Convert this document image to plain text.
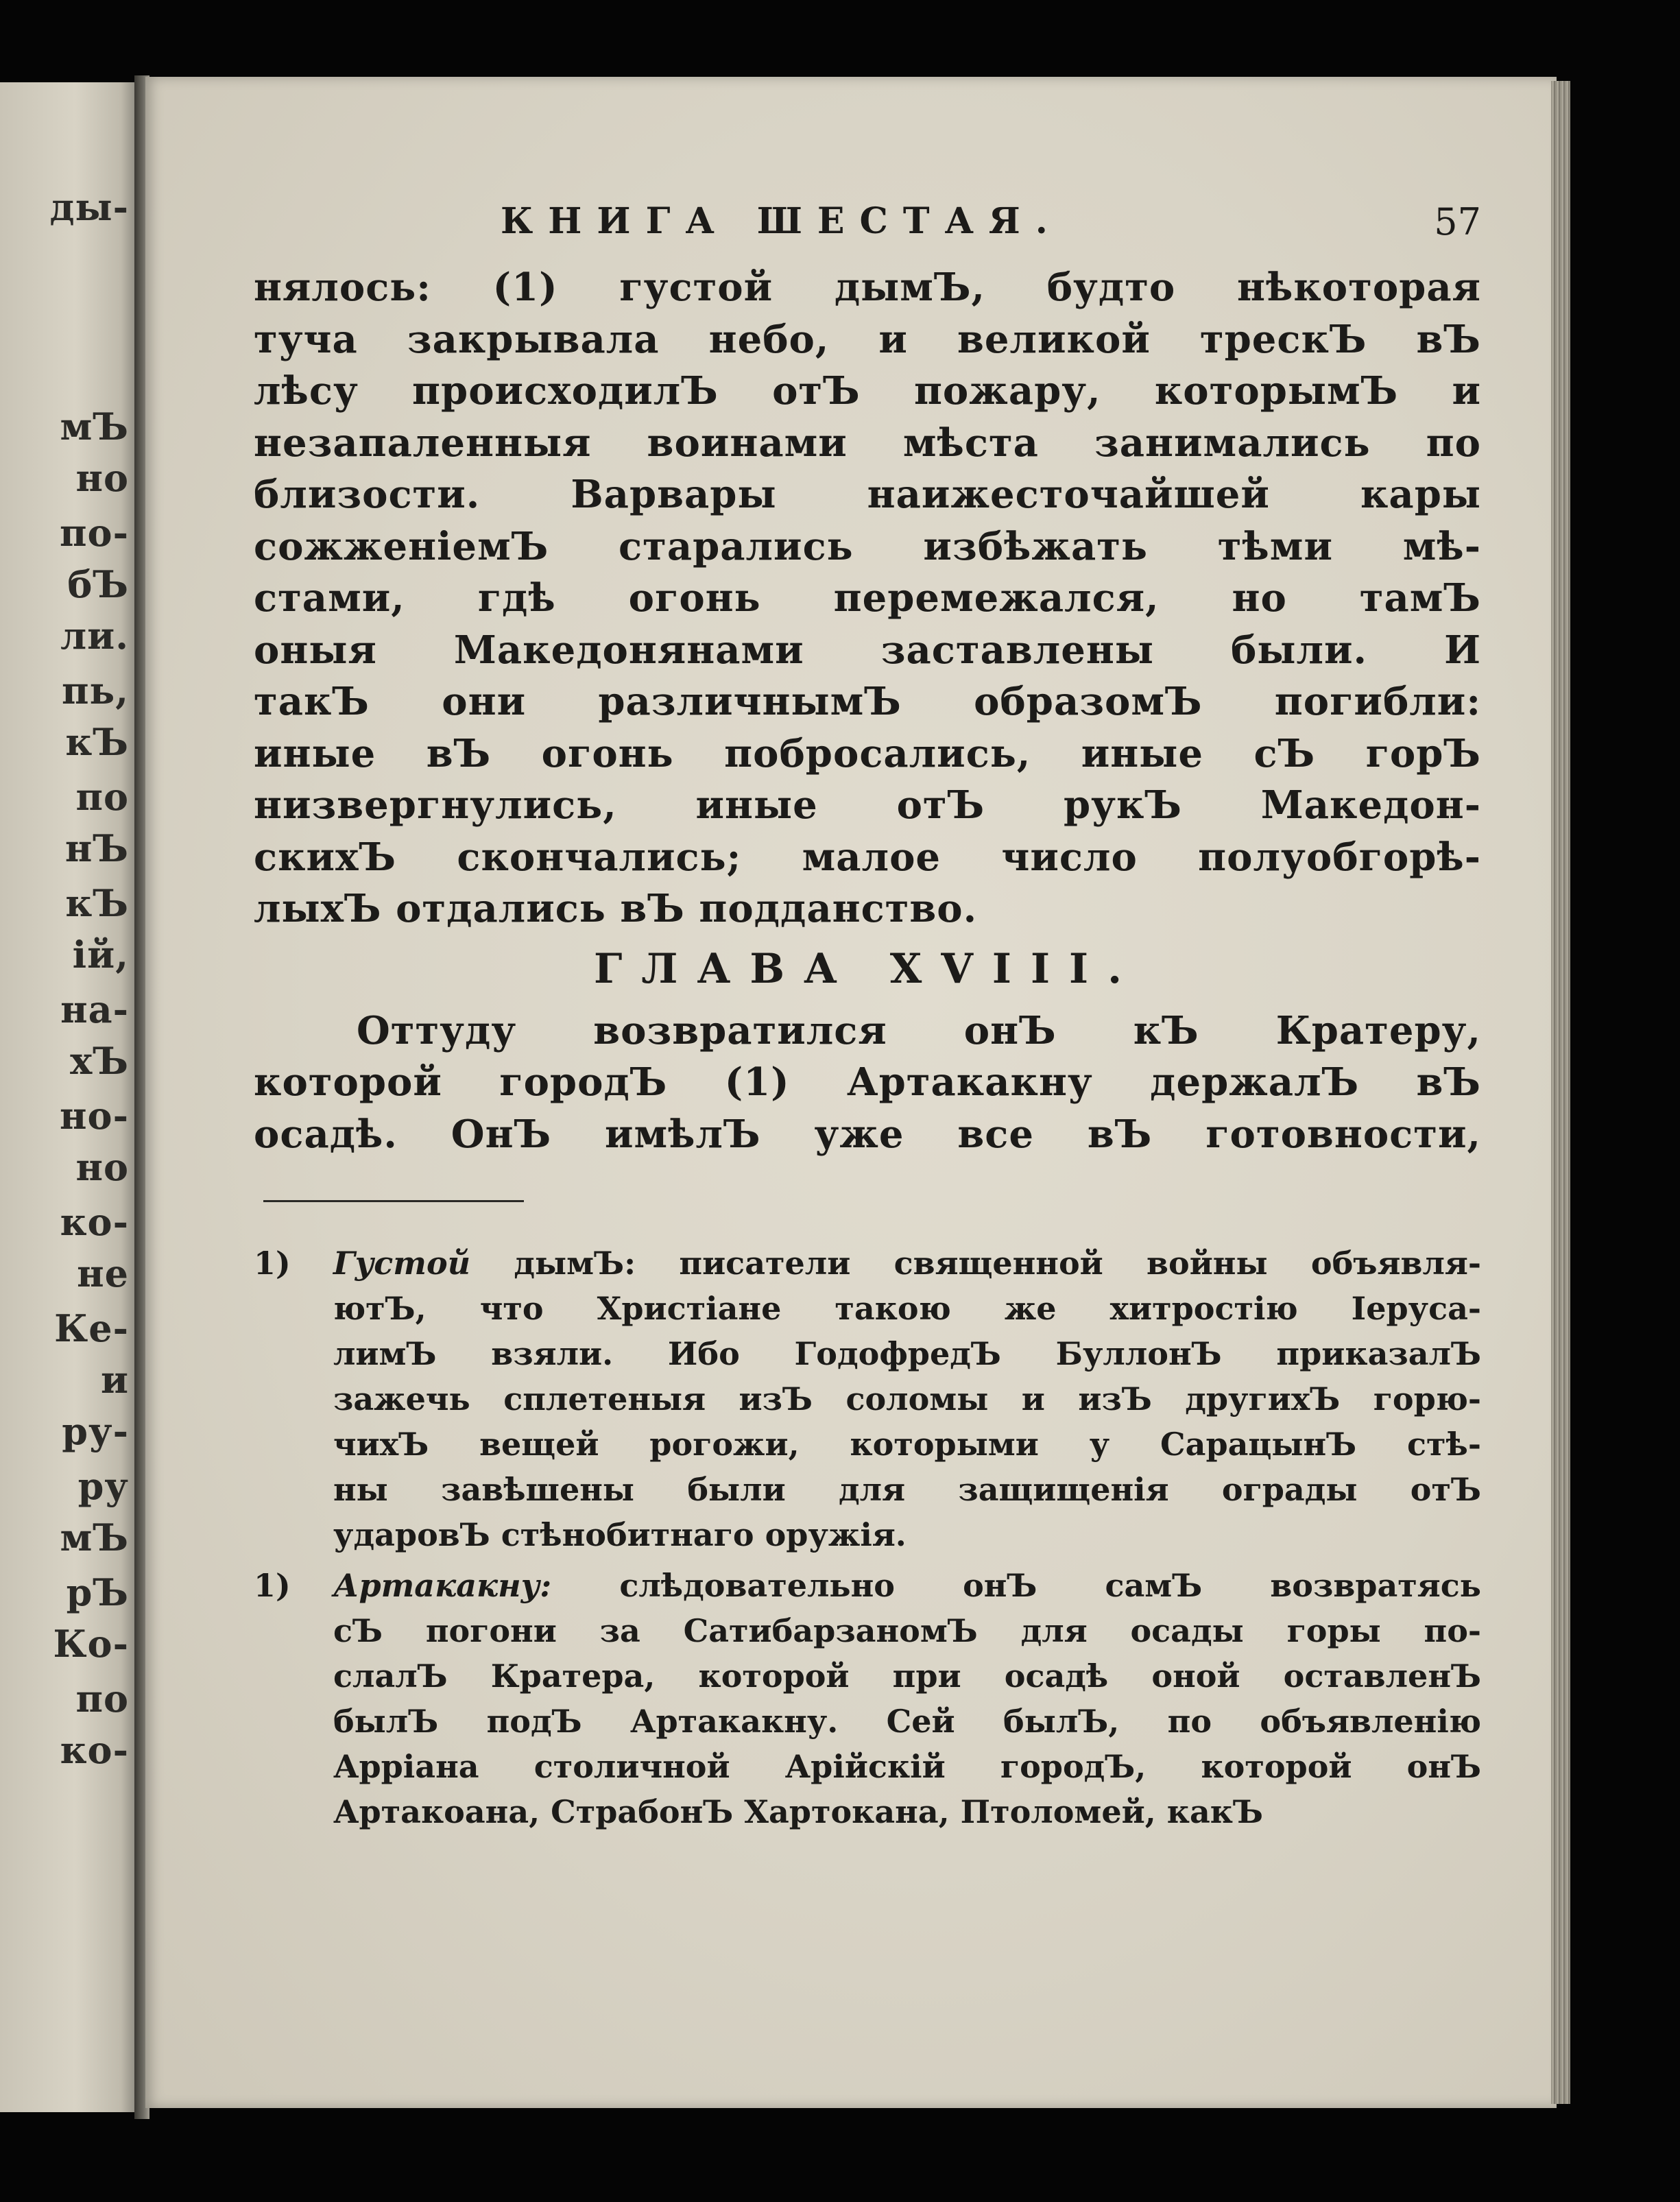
ды-
мЪ
но
по-
бЪ
ли.
пь,
кЪ
по
нЪ
кЪ
ій,
на-
хЪ
но-
но
ко-
не
Ке-
и
ру-
ру
мЪ
рЪ
Ко-
по
ко-
КНИГА ШЕСТАЯ.	57
нялось: (1) густой дымЪ, будто нѣкоторая
туча закрывала небо, и великой трескЪ вЪ
лѣсу происходилЪ отЪ пожару, которымЪ и
незапаленныя воинами мѣста занимались по
близости. Варвары наижесточайшей кары
сожженіемЪ старались избѣжать тѣми мѣ-
стами, гдѣ огонь перемежался, но тамЪ
оныя Македонянами заставлены были. И
такЪ они различнымЪ образомЪ погибли:
иные вЪ огонь побросались, иные сЪ горЪ
низвергнулись, иные отЪ рукЪ Македон-
скихЪ скончались; малое число полуобгорѣ-
лыхЪ отдались вЪ подданство.
ГЛАВА XVIII.
Оттуду возвратился онЪ кЪ Кратеру,
которой городЪ (1) Артакакну держалЪ вЪ
осадѣ. ОнЪ имѣлЪ уже все вЪ готовности,
1) Густой дымЪ: писатели священной войны объявля-
ютЪ, что Христіане такою же хитростію Іеруса-
лимЪ взяли. Ибо ГодофредЪ БуллонЪ приказалЪ
зажечь сплетеныя изЪ соломы и изЪ другихЪ горю-
чихЪ вещей рогожи, которыми у СарацынЪ стѣ-
ны завѣшены были для защищенія ограды отЪ
ударовЪ стѣнобитнаго оружія.
1) Артакакну: слѣдовательно онЪ самЪ возвратясь
сЪ погони за СатибарзаномЪ для осады горы по-
слалЪ Кратера, которой при осадѣ оной оставленЪ
былЪ подЪ Артакакну. Сей былЪ, по объявленію
Арріана столичной Арійскій городЪ, которой онЪ
Артакоана, СтрабонЪ Хартокана, Птоломей, какЪ
